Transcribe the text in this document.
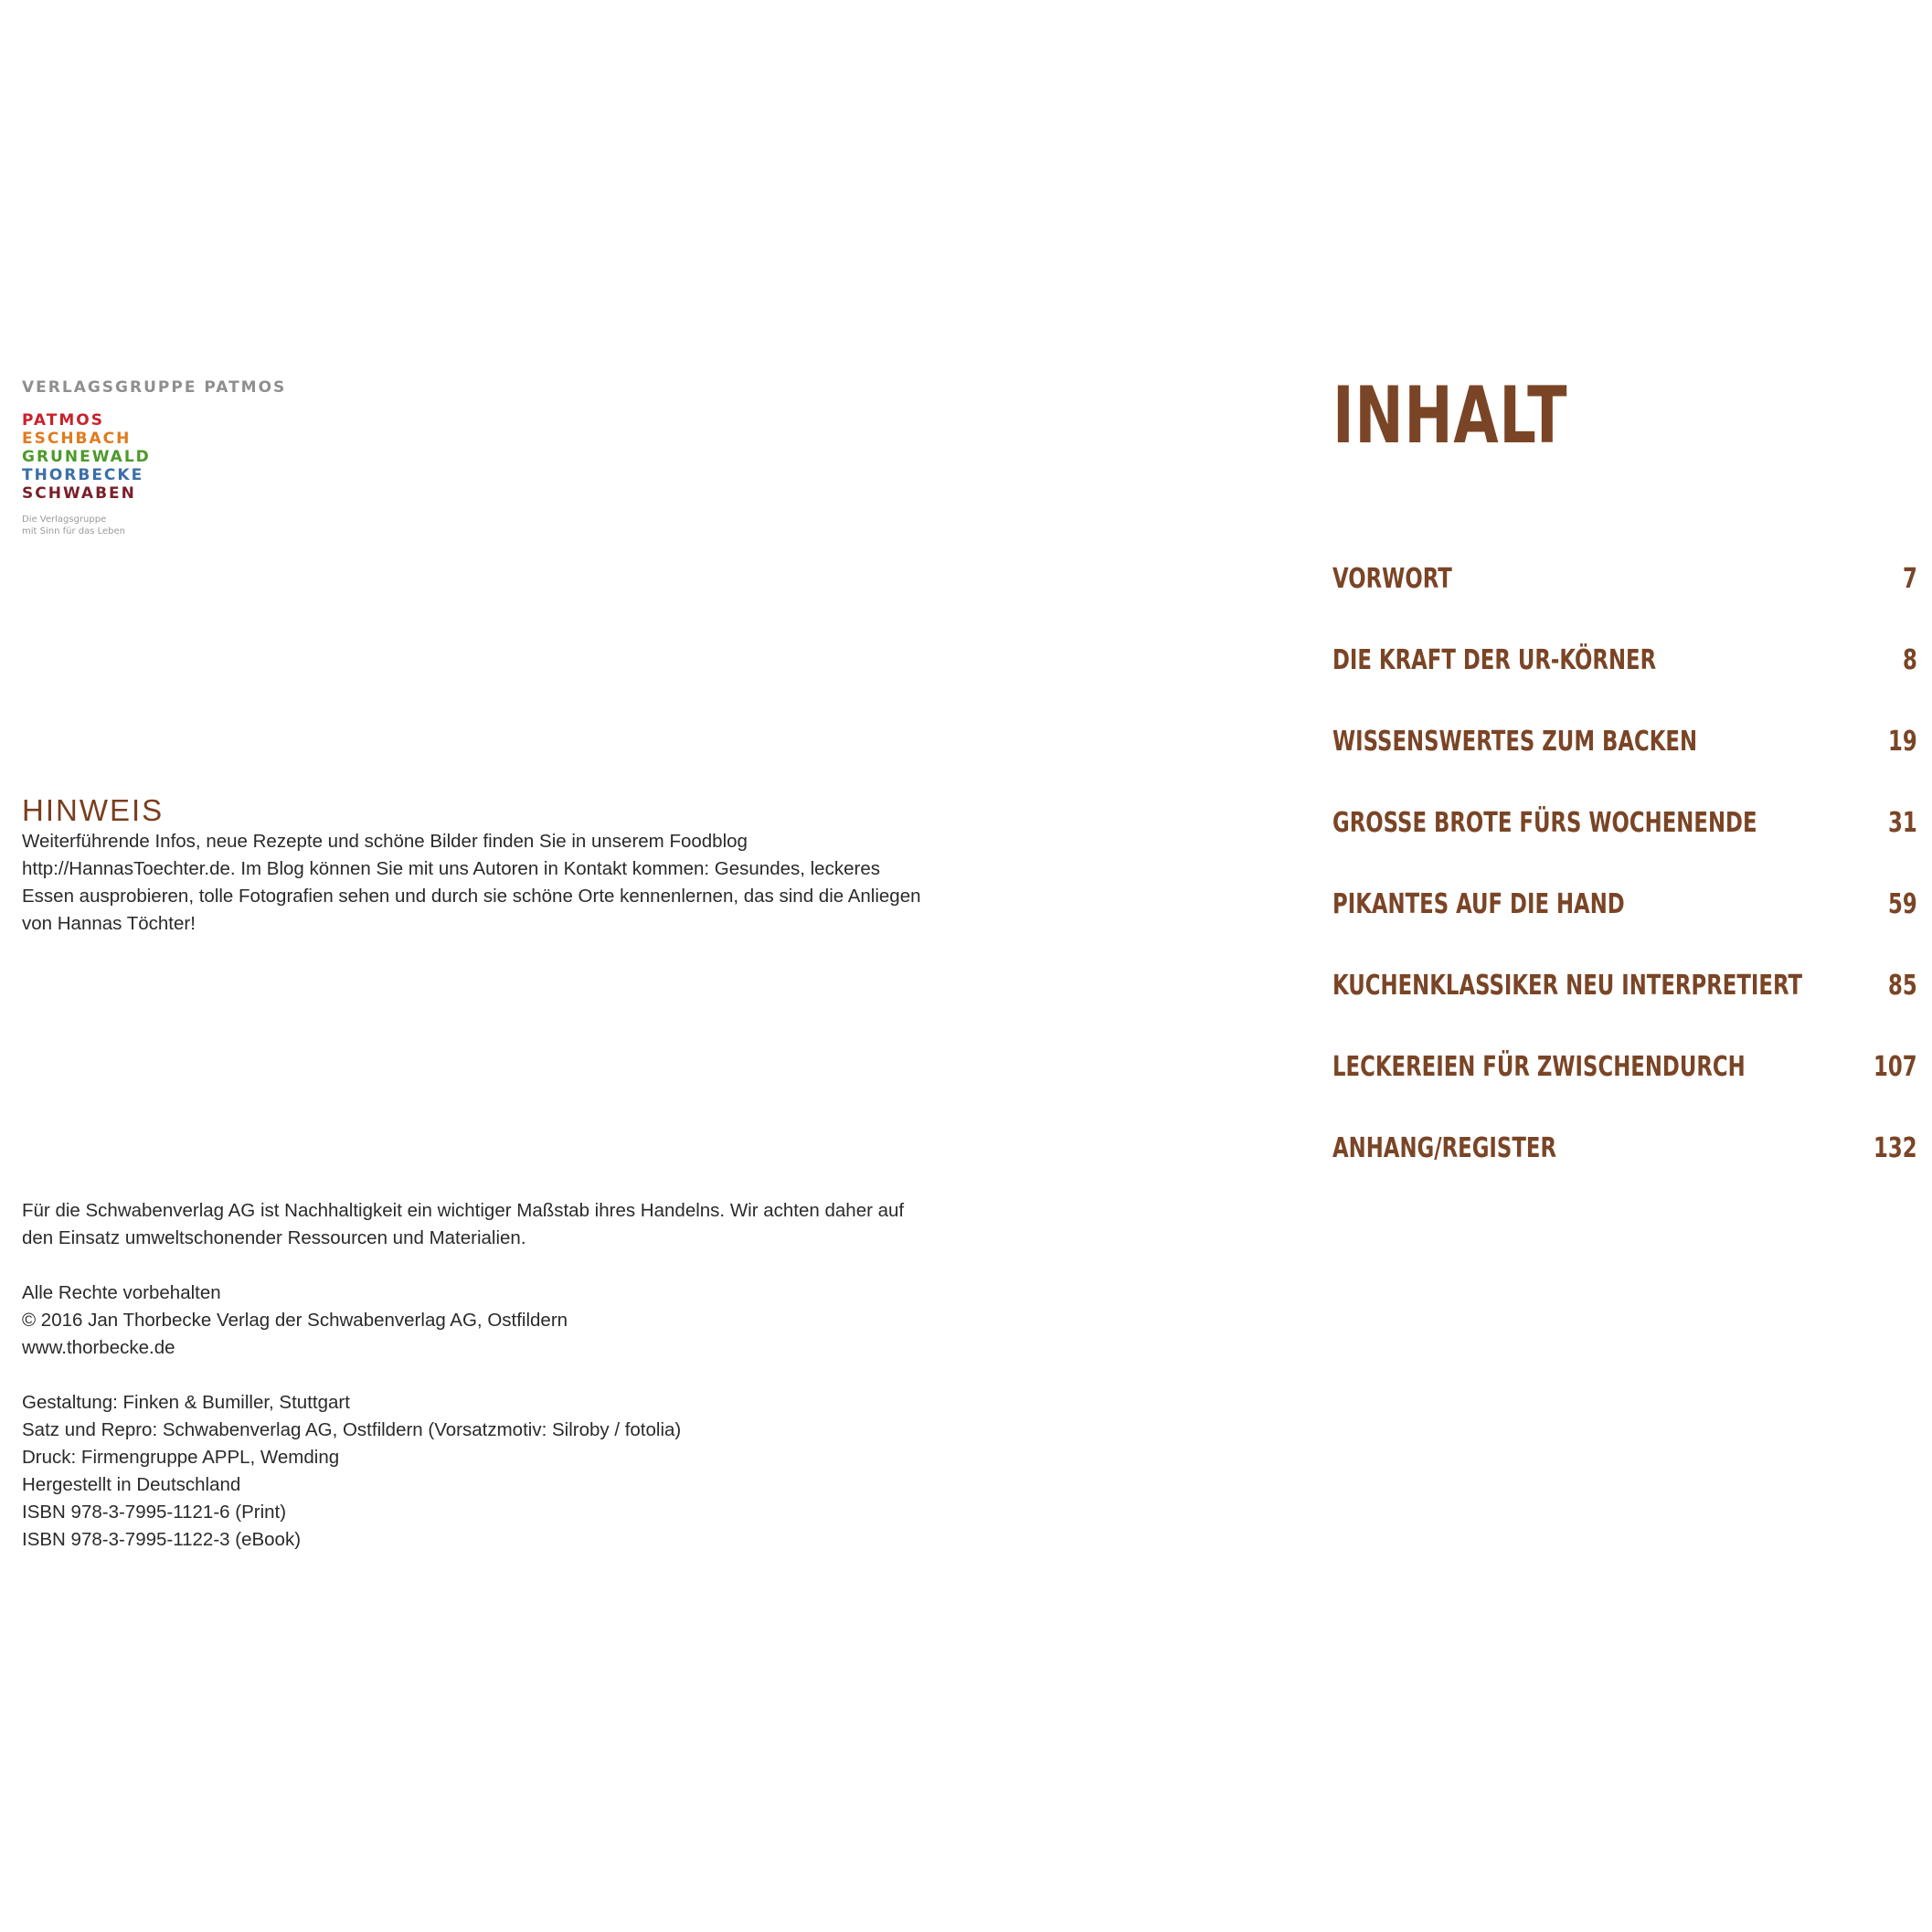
VERLAGSGRUPPE PATMOS
PATMOS
ESCHBACH
GRUNEWALD
THORBECKE
SCHWABEN
Die Verlagsgruppe
mit Sinn für das Leben
HINWEIS

Weiterführende Infos, neue Rezepte und schöne Bilder finden Sie in unserem Foodblog http://HannasToechter.de. Im Blog können Sie mit uns Autoren in Kontakt kommen: Gesundes, leckeres Essen ausprobieren, tolle Fotografien sehen und durch sie schöne Orte kennenlernen, das sind die Anliegen von Hannas Töchter!

Für die Schwabenverlag AG ist Nachhaltigkeit ein wichtiger Maßstab ihres Handelns. Wir achten daher auf den Einsatz umweltschonender Ressourcen und Materialien.

Alle Rechte vorbehalten

© 2016 Jan Thorbecke Verlag der Schwabenverlag AG, Ostfildern

www.thorbecke.de

Gestaltung: Finken & Bumiller, Stuttgart

Satz und Repro: Schwabenverlag AG, Ostfildern (Vorsatzmotiv: Silroby / fotolia)

Druck: Firmengruppe APPL, Wemding

Hergestellt in Deutschland

ISBN 978-3-7995-1121-6 (Print)

ISBN 978-3-7995-1122-3 (eBook)

INHALT
VORWORT	7
DIE KRAFT DER UR-KÖRNER	8
WISSENSWERTES ZUM BACKEN	19
GROSSE BROTE FÜRS WOCHENENDE	31
PIKANTES AUF DIE HAND	59
KUCHENKLASSIKER NEU INTERPRETIERT	85
LECKEREIEN FÜR ZWISCHENDURCH	107
ANHANG/REGISTER	132
